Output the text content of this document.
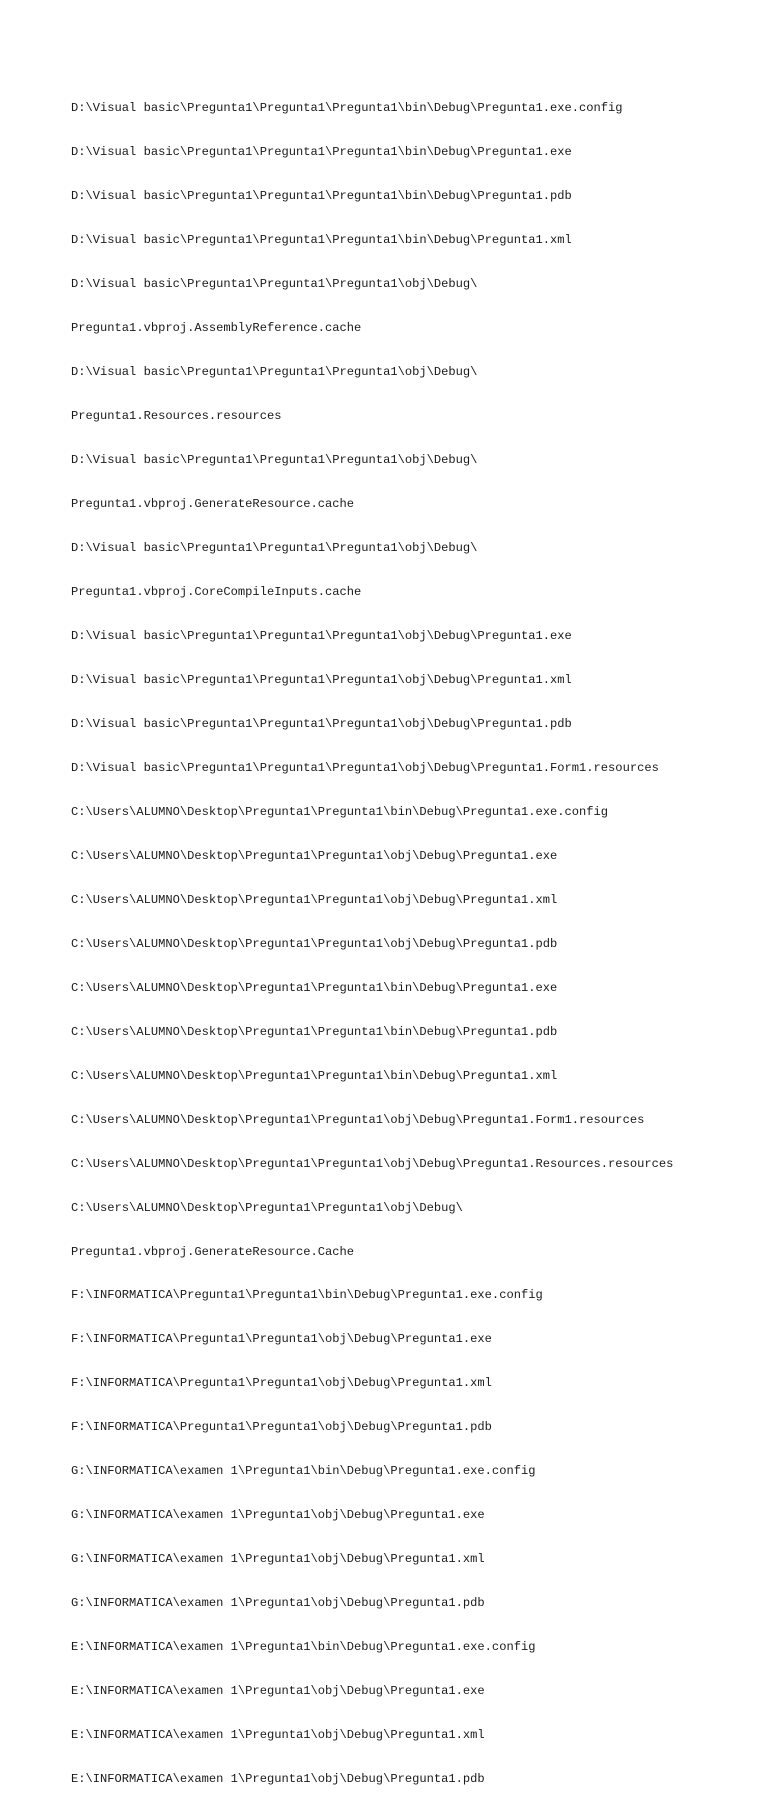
D:\Visual basic\Pregunta1\Pregunta1\Pregunta1\bin\Debug\Pregunta1.exe.config

D:\Visual basic\Pregunta1\Pregunta1\Pregunta1\bin\Debug\Pregunta1.exe

D:\Visual basic\Pregunta1\Pregunta1\Pregunta1\bin\Debug\Pregunta1.pdb

D:\Visual basic\Pregunta1\Pregunta1\Pregunta1\bin\Debug\Pregunta1.xml

D:\Visual basic\Pregunta1\Pregunta1\Pregunta1\obj\Debug\

Pregunta1.vbproj.AssemblyReference.cache

D:\Visual basic\Pregunta1\Pregunta1\Pregunta1\obj\Debug\

Pregunta1.Resources.resources

D:\Visual basic\Pregunta1\Pregunta1\Pregunta1\obj\Debug\

Pregunta1.vbproj.GenerateResource.cache

D:\Visual basic\Pregunta1\Pregunta1\Pregunta1\obj\Debug\

Pregunta1.vbproj.CoreCompileInputs.cache

D:\Visual basic\Pregunta1\Pregunta1\Pregunta1\obj\Debug\Pregunta1.exe

D:\Visual basic\Pregunta1\Pregunta1\Pregunta1\obj\Debug\Pregunta1.xml

D:\Visual basic\Pregunta1\Pregunta1\Pregunta1\obj\Debug\Pregunta1.pdb

D:\Visual basic\Pregunta1\Pregunta1\Pregunta1\obj\Debug\Pregunta1.Form1.resources

C:\Users\ALUMNO\Desktop\Pregunta1\Pregunta1\bin\Debug\Pregunta1.exe.config

C:\Users\ALUMNO\Desktop\Pregunta1\Pregunta1\obj\Debug\Pregunta1.exe

C:\Users\ALUMNO\Desktop\Pregunta1\Pregunta1\obj\Debug\Pregunta1.xml

C:\Users\ALUMNO\Desktop\Pregunta1\Pregunta1\obj\Debug\Pregunta1.pdb

C:\Users\ALUMNO\Desktop\Pregunta1\Pregunta1\bin\Debug\Pregunta1.exe

C:\Users\ALUMNO\Desktop\Pregunta1\Pregunta1\bin\Debug\Pregunta1.pdb

C:\Users\ALUMNO\Desktop\Pregunta1\Pregunta1\bin\Debug\Pregunta1.xml

C:\Users\ALUMNO\Desktop\Pregunta1\Pregunta1\obj\Debug\Pregunta1.Form1.resources

C:\Users\ALUMNO\Desktop\Pregunta1\Pregunta1\obj\Debug\Pregunta1.Resources.resources

C:\Users\ALUMNO\Desktop\Pregunta1\Pregunta1\obj\Debug\

Pregunta1.vbproj.GenerateResource.Cache

F:\INFORMATICA\Pregunta1\Pregunta1\bin\Debug\Pregunta1.exe.config

F:\INFORMATICA\Pregunta1\Pregunta1\obj\Debug\Pregunta1.exe

F:\INFORMATICA\Pregunta1\Pregunta1\obj\Debug\Pregunta1.xml

F:\INFORMATICA\Pregunta1\Pregunta1\obj\Debug\Pregunta1.pdb

G:\INFORMATICA\examen 1\Pregunta1\bin\Debug\Pregunta1.exe.config

G:\INFORMATICA\examen 1\Pregunta1\obj\Debug\Pregunta1.exe

G:\INFORMATICA\examen 1\Pregunta1\obj\Debug\Pregunta1.xml

G:\INFORMATICA\examen 1\Pregunta1\obj\Debug\Pregunta1.pdb

E:\INFORMATICA\examen 1\Pregunta1\bin\Debug\Pregunta1.exe.config

E:\INFORMATICA\examen 1\Pregunta1\obj\Debug\Pregunta1.exe

E:\INFORMATICA\examen 1\Pregunta1\obj\Debug\Pregunta1.xml

E:\INFORMATICA\examen 1\Pregunta1\obj\Debug\Pregunta1.pdb
